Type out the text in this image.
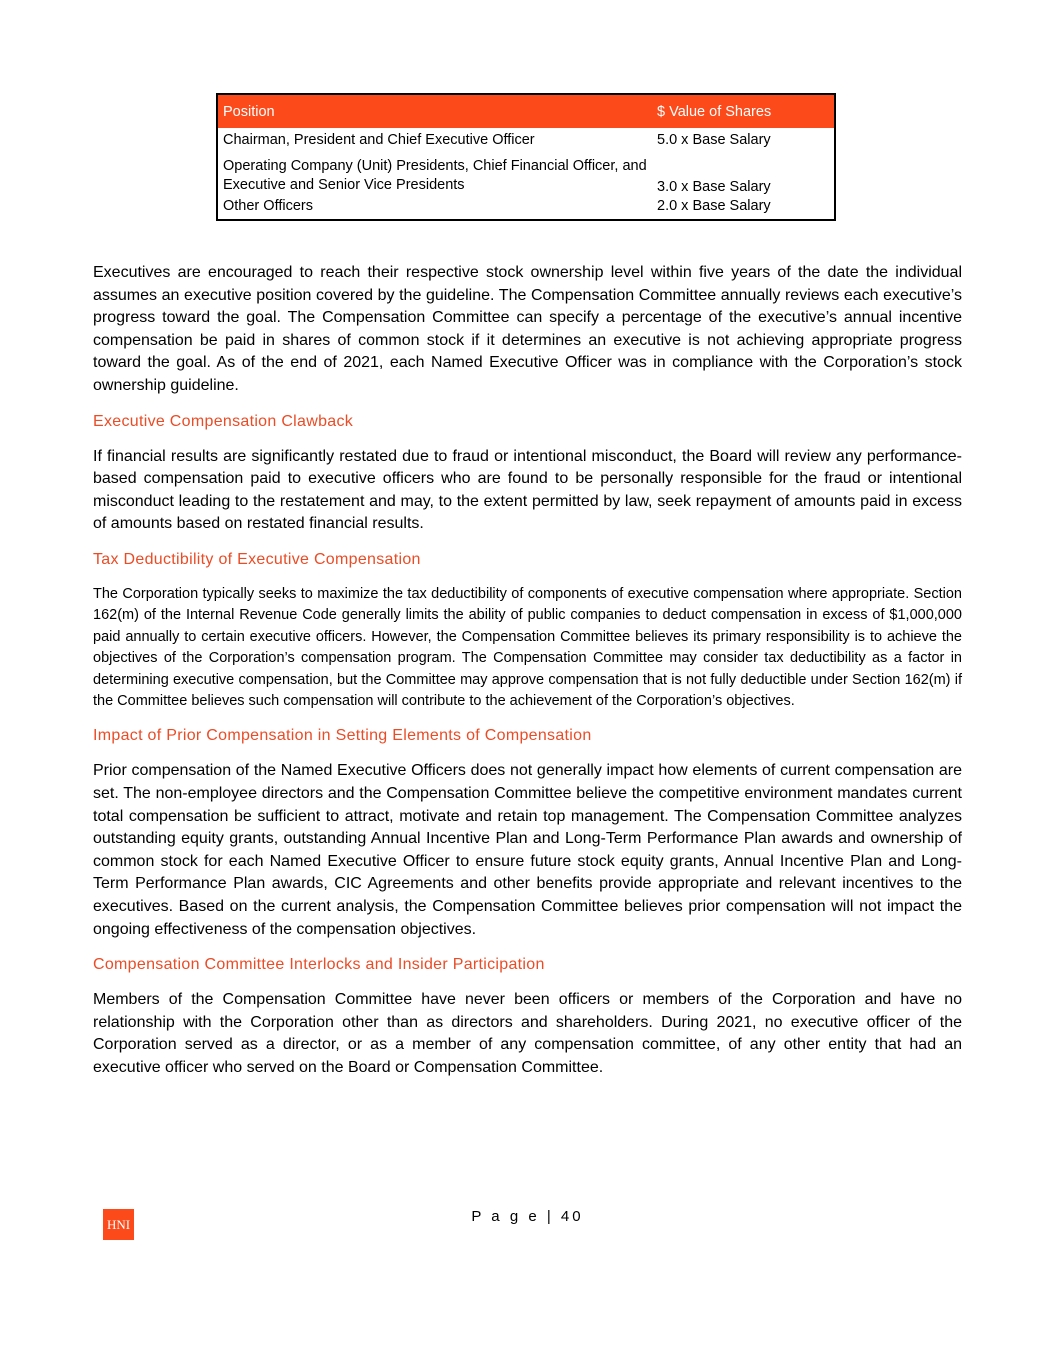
Position	$ Value of Shares
Chairman, President and Chief Executive Officer	5.0 x Base Salary
Operating Company (Unit) Presidents, Chief Financial Officer, and Executive and Senior Vice Presidents	3.0 x Base Salary
Other Officers	2.0 x Base Salary

Executives are encouraged to reach their respective stock ownership level within five years of the date the individual assumes an executive position covered by the guideline. The Compensation Committee annually reviews each executive’s progress toward the goal. The Compensation Committee can specify a percentage of the executive’s annual incentive compensation be paid in shares of common stock if it determines an executive is not achieving appropriate progress toward the goal. As of the end of 2021, each Named Executive Officer was in compliance with the Corporation’s stock ownership guideline.

Executive Compensation Clawback

If financial results are significantly restated due to fraud or intentional misconduct, the Board will review any performance-based compensation paid to executive officers who are found to be personally responsible for the fraud or intentional misconduct leading to the restatement and may, to the extent permitted by law, seek repayment of amounts paid in excess of amounts based on restated financial results.

Tax Deductibility of Executive Compensation

The Corporation typically seeks to maximize the tax deductibility of components of executive compensation where appropriate. Section 162(m) of the Internal Revenue Code generally limits the ability of public companies to deduct compensation in excess of $1,000,000 paid annually to certain executive officers. However, the Compensation Committee believes its primary responsibility is to achieve the objectives of the Corporation’s compensation program. The Compensation Committee may consider tax deductibility as a factor in determining executive compensation, but the Committee may approve compensation that is not fully deductible under Section 162(m) if the Committee believes such compensation will contribute to the achievement of the Corporation’s objectives.

Impact of Prior Compensation in Setting Elements of Compensation

Prior compensation of the Named Executive Officers does not generally impact how elements of current compensation are set. The non-employee directors and the Compensation Committee believe the competitive environment mandates current total compensation be sufficient to attract, motivate and retain top management. The Compensation Committee analyzes outstanding equity grants, outstanding Annual Incentive Plan and Long-Term Performance Plan awards and ownership of common stock for each Named Executive Officer to ensure future stock equity grants, Annual Incentive Plan and Long-Term Performance Plan awards, CIC Agreements and other benefits provide appropriate and relevant incentives to the executives. Based on the current analysis, the Compensation Committee believes prior compensation will not impact the ongoing effectiveness of the compensation objectives.

Compensation Committee Interlocks and Insider Participation

Members of the Compensation Committee have never been officers or members of the Corporation and have no relationship with the Corporation other than as directors and shareholders. During 2021, no executive officer of the Corporation served as a director, or as a member of any compensation committee, of any other entity that had an executive officer who served on the Board or Compensation Committee.

HNI	P a g e | 40
